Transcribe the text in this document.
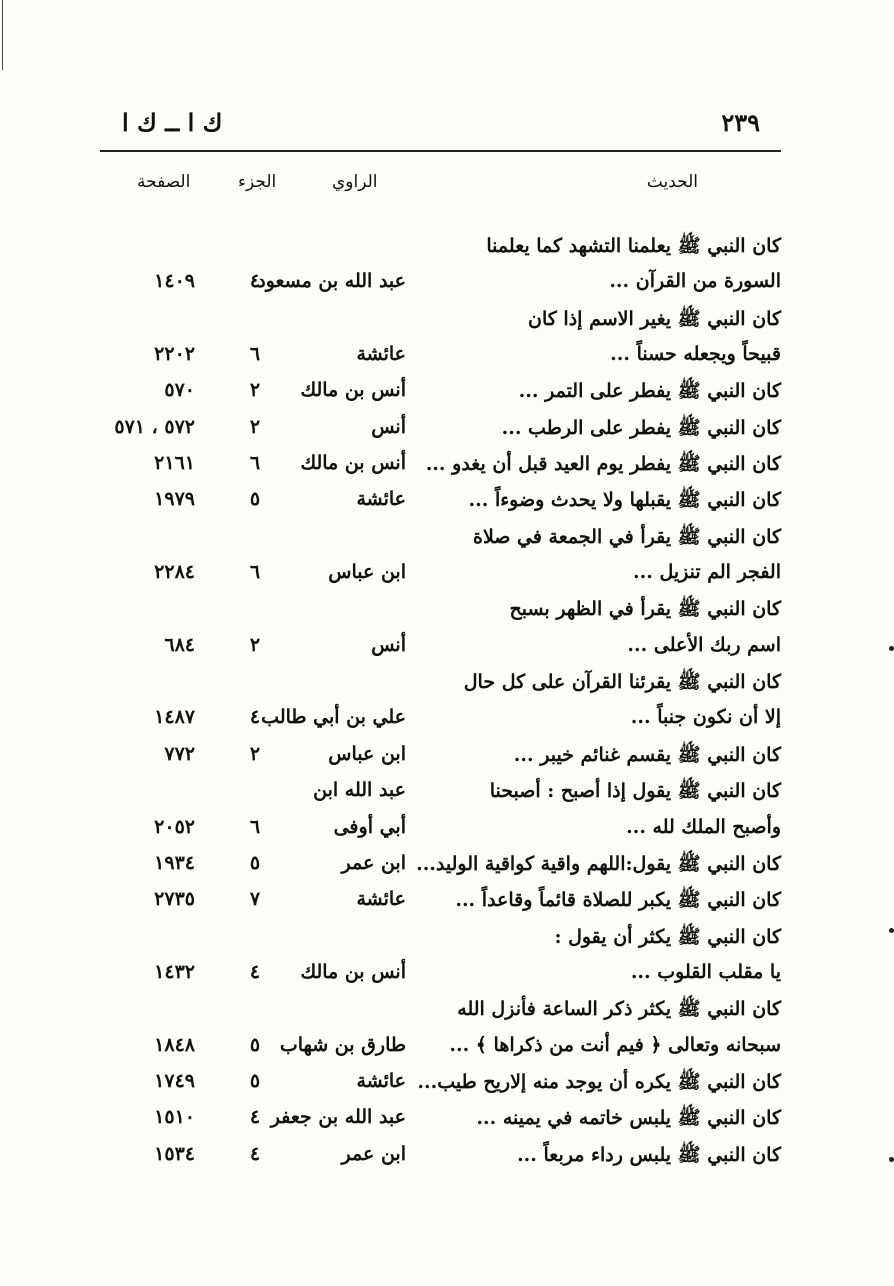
ك ا ــ ك ا	٢٣٩
الحديث
الراوي
الجزء
الصفحة
كان النبي ﷺ يعلمنا التشهد كما يعلمنا
السورة من القرآن ...
عبد الله بن مسعود
٤
١٤٠٩
كان النبي ﷺ يغير الاسم إذا كان
قبيحاً ويجعله حسناً ...
عائشة
٦
٢٢٠٢
كان النبي ﷺ يفطر على التمر ...
أنس بن مالك
٢
٥٧٠
كان النبي ﷺ يفطر على الرطب ...
أنس
٢
٥٧٢ ، ٥٧١
كان النبي ﷺ يفطر يوم العيد قبل أن يغدو ...
أنس بن مالك
٦
٢١٦١
كان النبي ﷺ يقبلها ولا يحدث وضوءاً ...
عائشة
٥
١٩٧٩
كان النبي ﷺ يقرأ في الجمعة في صلاة
الفجر الم تنزيل ...
ابن عباس
٦
٢٢٨٤
كان النبي ﷺ يقرأ في الظهر بسبح
اسم ربك الأعلى ...
أنس
٢
٦٨٤
كان النبي ﷺ يقرئنا القرآن على كل حال
إلا أن نكون جنباً ...
علي بن أبي طالب
٤
١٤٨٧
كان النبي ﷺ يقسم غنائم خيبر ...
ابن عباس
٢
٧٧٢
كان النبي ﷺ يقول إذا أصبح : أصبحنا
عبد الله ابن
وأصبح الملك لله ...
أبي أوفى
٦
٢٠٥٢
كان النبي ﷺ يقول:اللهم واقية كواقية الوليد...
ابن عمر
٥
١٩٣٤
كان النبي ﷺ يكبر للصلاة قائماً وقاعداً ...
عائشة
٧
٢٧٣٥
كان النبي ﷺ يكثر أن يقول :
يا مقلب القلوب ...
أنس بن مالك
٤
١٤٣٢
كان النبي ﷺ يكثر ذكر الساعة فأنزل الله
سبحانه وتعالى ﴿ فيم أنت من ذكراها ﴾ ...
طارق بن شهاب
٥
١٨٤٨
كان النبي ﷺ يكره أن يوجد منه إلاريح طيب...
عائشة
٥
١٧٤٩
كان النبي ﷺ يلبس خاتمه في يمينه ...
عبد الله بن جعفر
٤
١٥١٠
كان النبي ﷺ يلبس رداء مربعاً ...
ابن عمر
٤
١٥٣٤
